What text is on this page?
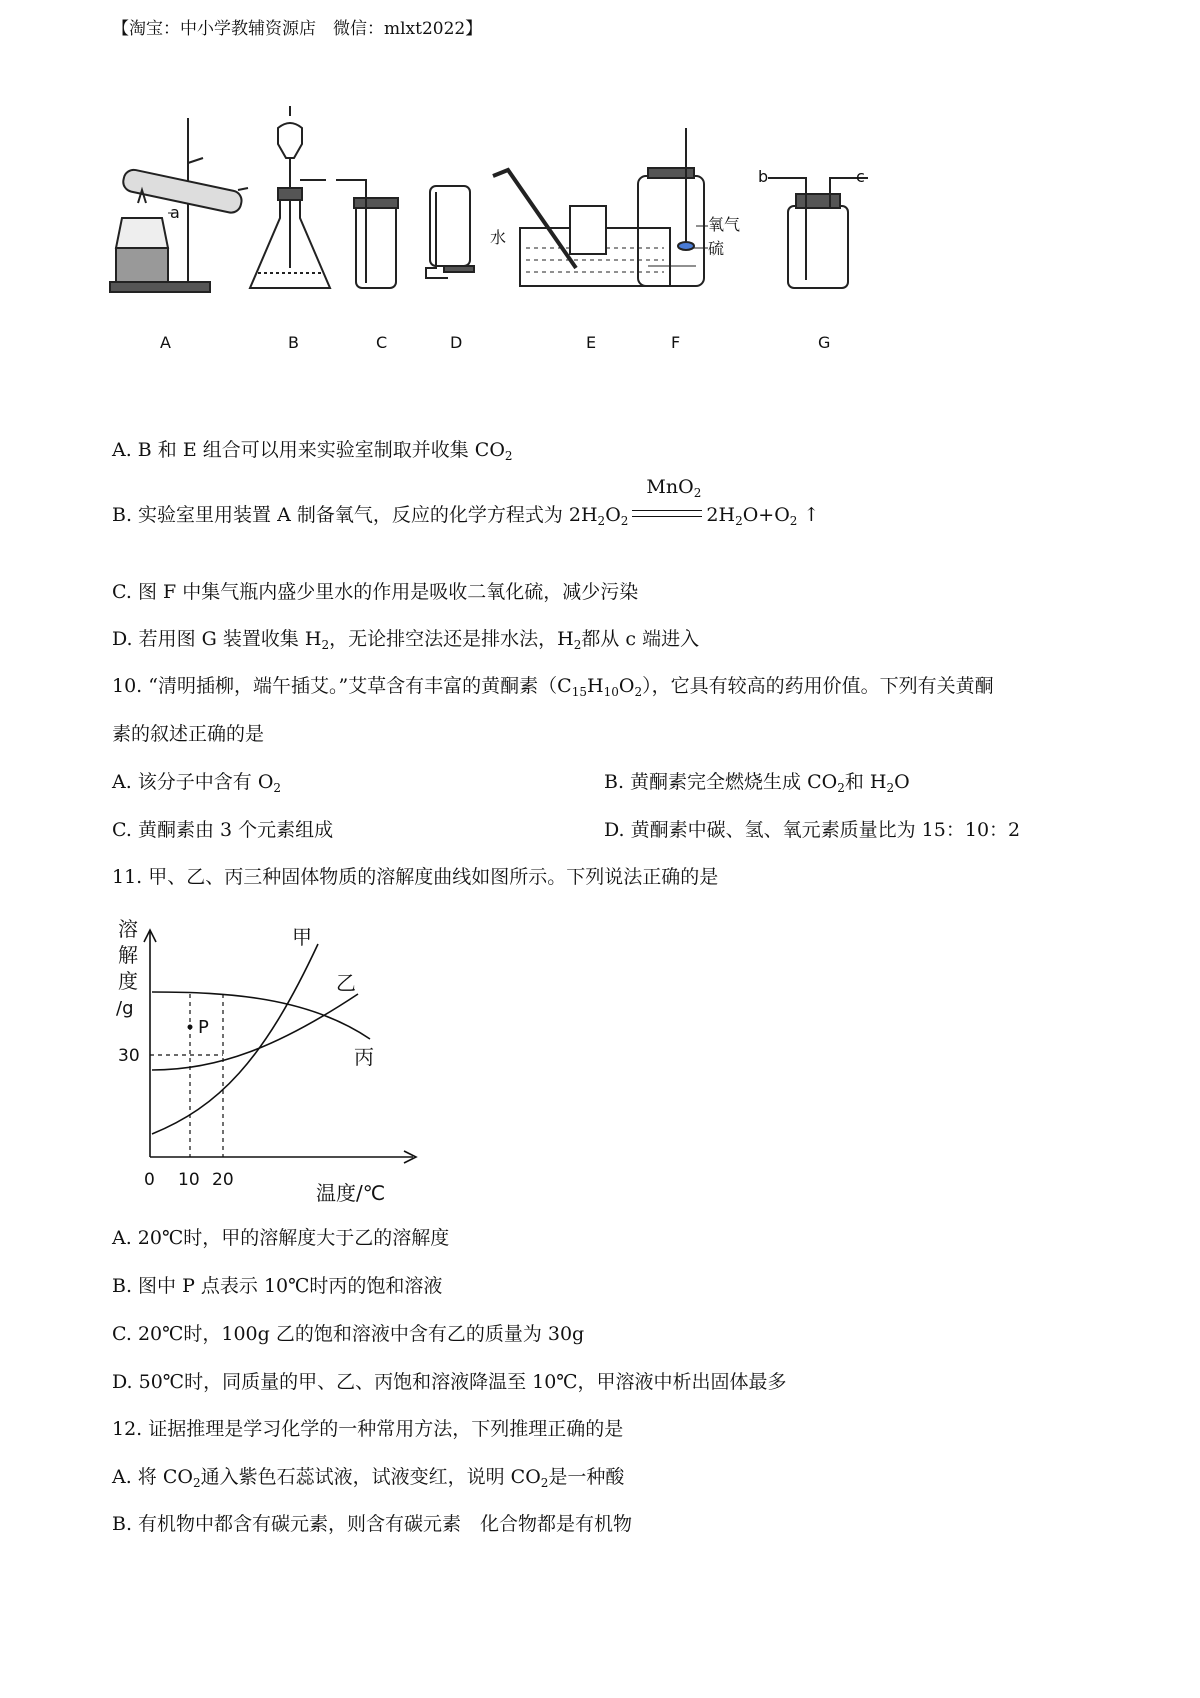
【淘宝：中小学教辅资源店　微信：mlxt2022】
a
b	c
水
氧气
硫
A	B	C	D	E	F	G
A. B 和 E 组合可以用来实验室制取并收集 $CO_2$
B. 实验室里用装置 A 制备氧气，反应的化学方程式为 $2H_2O_2$
MnO$_2$
$2H_2O+O_2$ ↑
C. 图 F 中集气瓶内盛少里水的作用是吸收二氧化硫，减少污染
D. 若用图 G 装置收集 $H_2$，无论排空法还是排水法，$H_2$都从 c 端进入
10. “清明插柳，端午插艾。”艾草含有丰富的黄酮素$(C_{15}H_{10}O_2)$，它具有较高的药用价值。下列有关黄酮
素的叙述正确的是
A. 该分子中含有 $O_2$	B. 黄酮素完全燃烧生成 $CO_2$和 $H_2O$
C. 黄酮素由 3 个元素组成	D. 黄酮素中碳、氢、氧元素质量比为 15：10：2
11. 甲、乙、丙三种固体物质的溶解度曲线如图所示。下列说法正确的是
溶
解
度
/g
30
P
甲
乙
丙
0 10 20
温度/℃
A. 20℃时，甲的溶解度大于乙的溶解度
B. 图中 P 点表示 10℃时丙的饱和溶液
C. 20℃时，100g 乙的饱和溶液中含有乙的质量为 30g
D. 50℃时，同质量的甲、乙、丙饱和溶液降温至 10℃，甲溶液中析出固体最多
12. 证据推理是学习化学的一种常用方法，下列推理正确的是
A. 将 $CO_2$通入紫色石蕊试液，试液变红，说明 $CO_2$是一种酸
B. 有机物中都含有碳元素，则含有碳元素　化合物都是有机物
